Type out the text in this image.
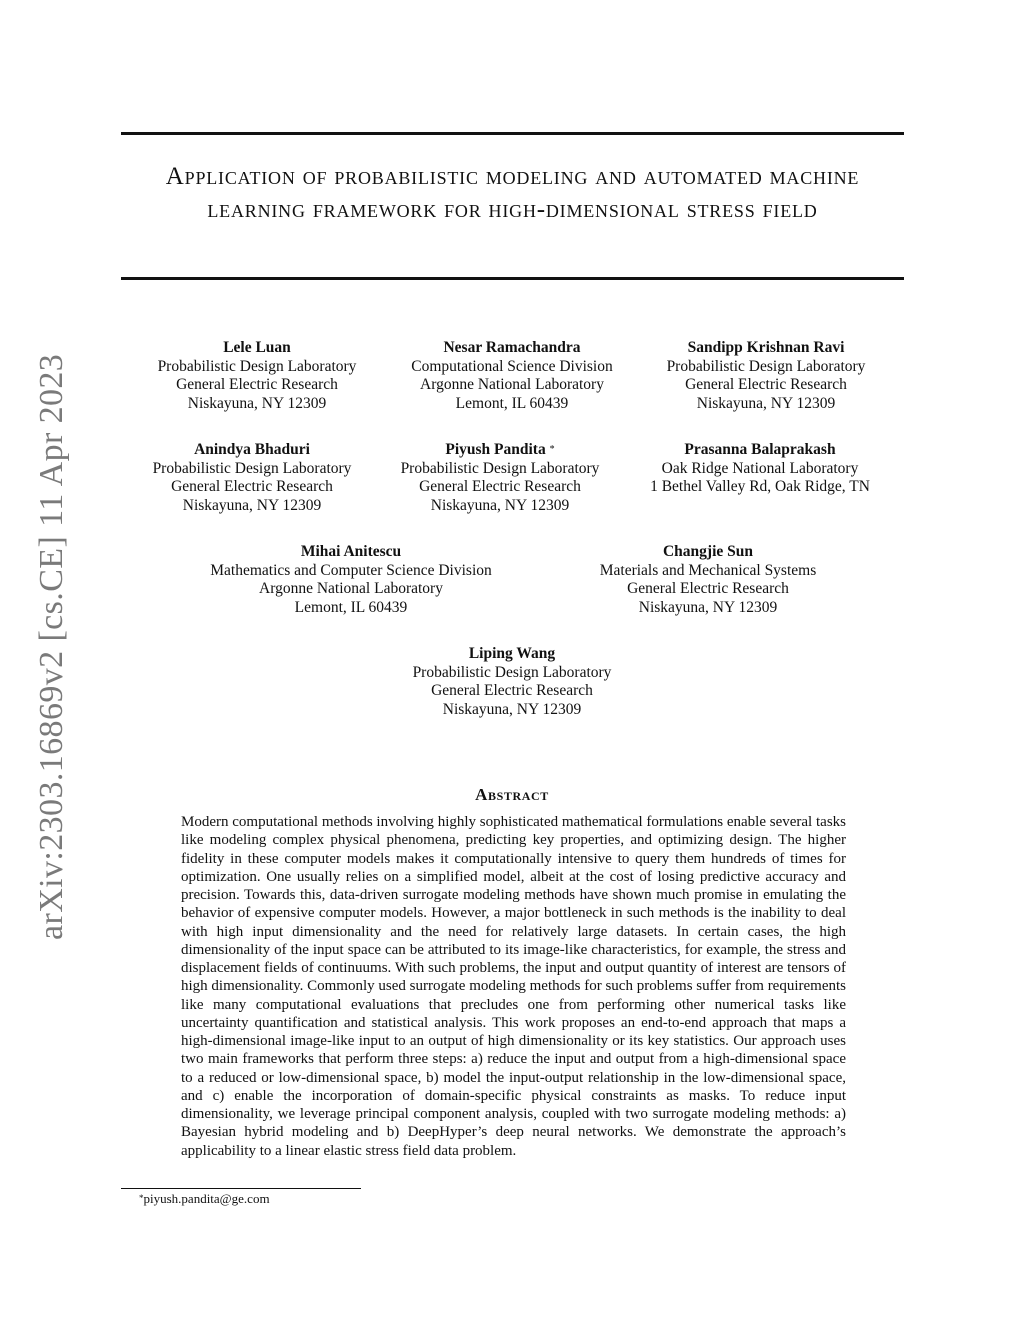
arXiv:2303.16869v2 [cs.CE] 11 Apr 2023
Application of probabilistic modeling and automated machine learning framework for high-dimensional stress field
Lele Luan
Probabilistic Design Laboratory
General Electric Research
Niskayuna, NY 12309
Nesar Ramachandra
Computational Science Division
Argonne National Laboratory
Lemont, IL 60439
Sandipp Krishnan Ravi
Probabilistic Design Laboratory
General Electric Research
Niskayuna, NY 12309
Anindya Bhaduri
Probabilistic Design Laboratory
General Electric Research
Niskayuna, NY 12309
Piyush Pandita *
Probabilistic Design Laboratory
General Electric Research
Niskayuna, NY 12309
Prasanna Balaprakash
Oak Ridge National Laboratory
1 Bethel Valley Rd, Oak Ridge, TN
Mihai Anitescu
Mathematics and Computer Science Division
Argonne National Laboratory
Lemont, IL 60439
Changjie Sun
Materials and Mechanical Systems
General Electric Research
Niskayuna, NY 12309
Liping Wang
Probabilistic Design Laboratory
General Electric Research
Niskayuna, NY 12309
Abstract

Modern computational methods involving highly sophisticated mathematical formulations enable several tasks like modeling complex physical phenomena, predicting key properties, and optimizing design. The higher fidelity in these computer models makes it computationally intensive to query them hundreds of times for optimization. One usually relies on a simplified model, albeit at the cost of losing predictive accuracy and precision. Towards this, data-driven surrogate modeling methods have shown much promise in emulating the behavior of expensive computer models. However, a major bottleneck in such methods is the inability to deal with high input dimensionality and the need for relatively large datasets. In certain cases, the high dimensionality of the input space can be attributed to its image-like characteristics, for example, the stress and displacement fields of continuums. With such problems, the input and output quantity of interest are tensors of high dimensionality. Commonly used surrogate modeling methods for such problems suffer from requirements like many computational evaluations that precludes one from performing other numerical tasks like uncertainty quantification and statistical analysis. This work proposes an end-to-end approach that maps a high-dimensional image-like input to an output of high dimensionality or its key statistics. Our approach uses two main frameworks that perform three steps: a) reduce the input and output from a high-dimensional space to a reduced or low-dimensional space, b) model the input-output relationship in the low-dimensional space, and c) enable the incorporation of domain-specific physical constraints as masks. To reduce input dimensionality, we leverage principal component analysis, coupled with two surrogate modeling methods: a) Bayesian hybrid modeling and b) DeepHyper’s deep neural networks. We demonstrate the approach’s applicability to a linear elastic stress field data problem.

*piyush.pandita@ge.com
